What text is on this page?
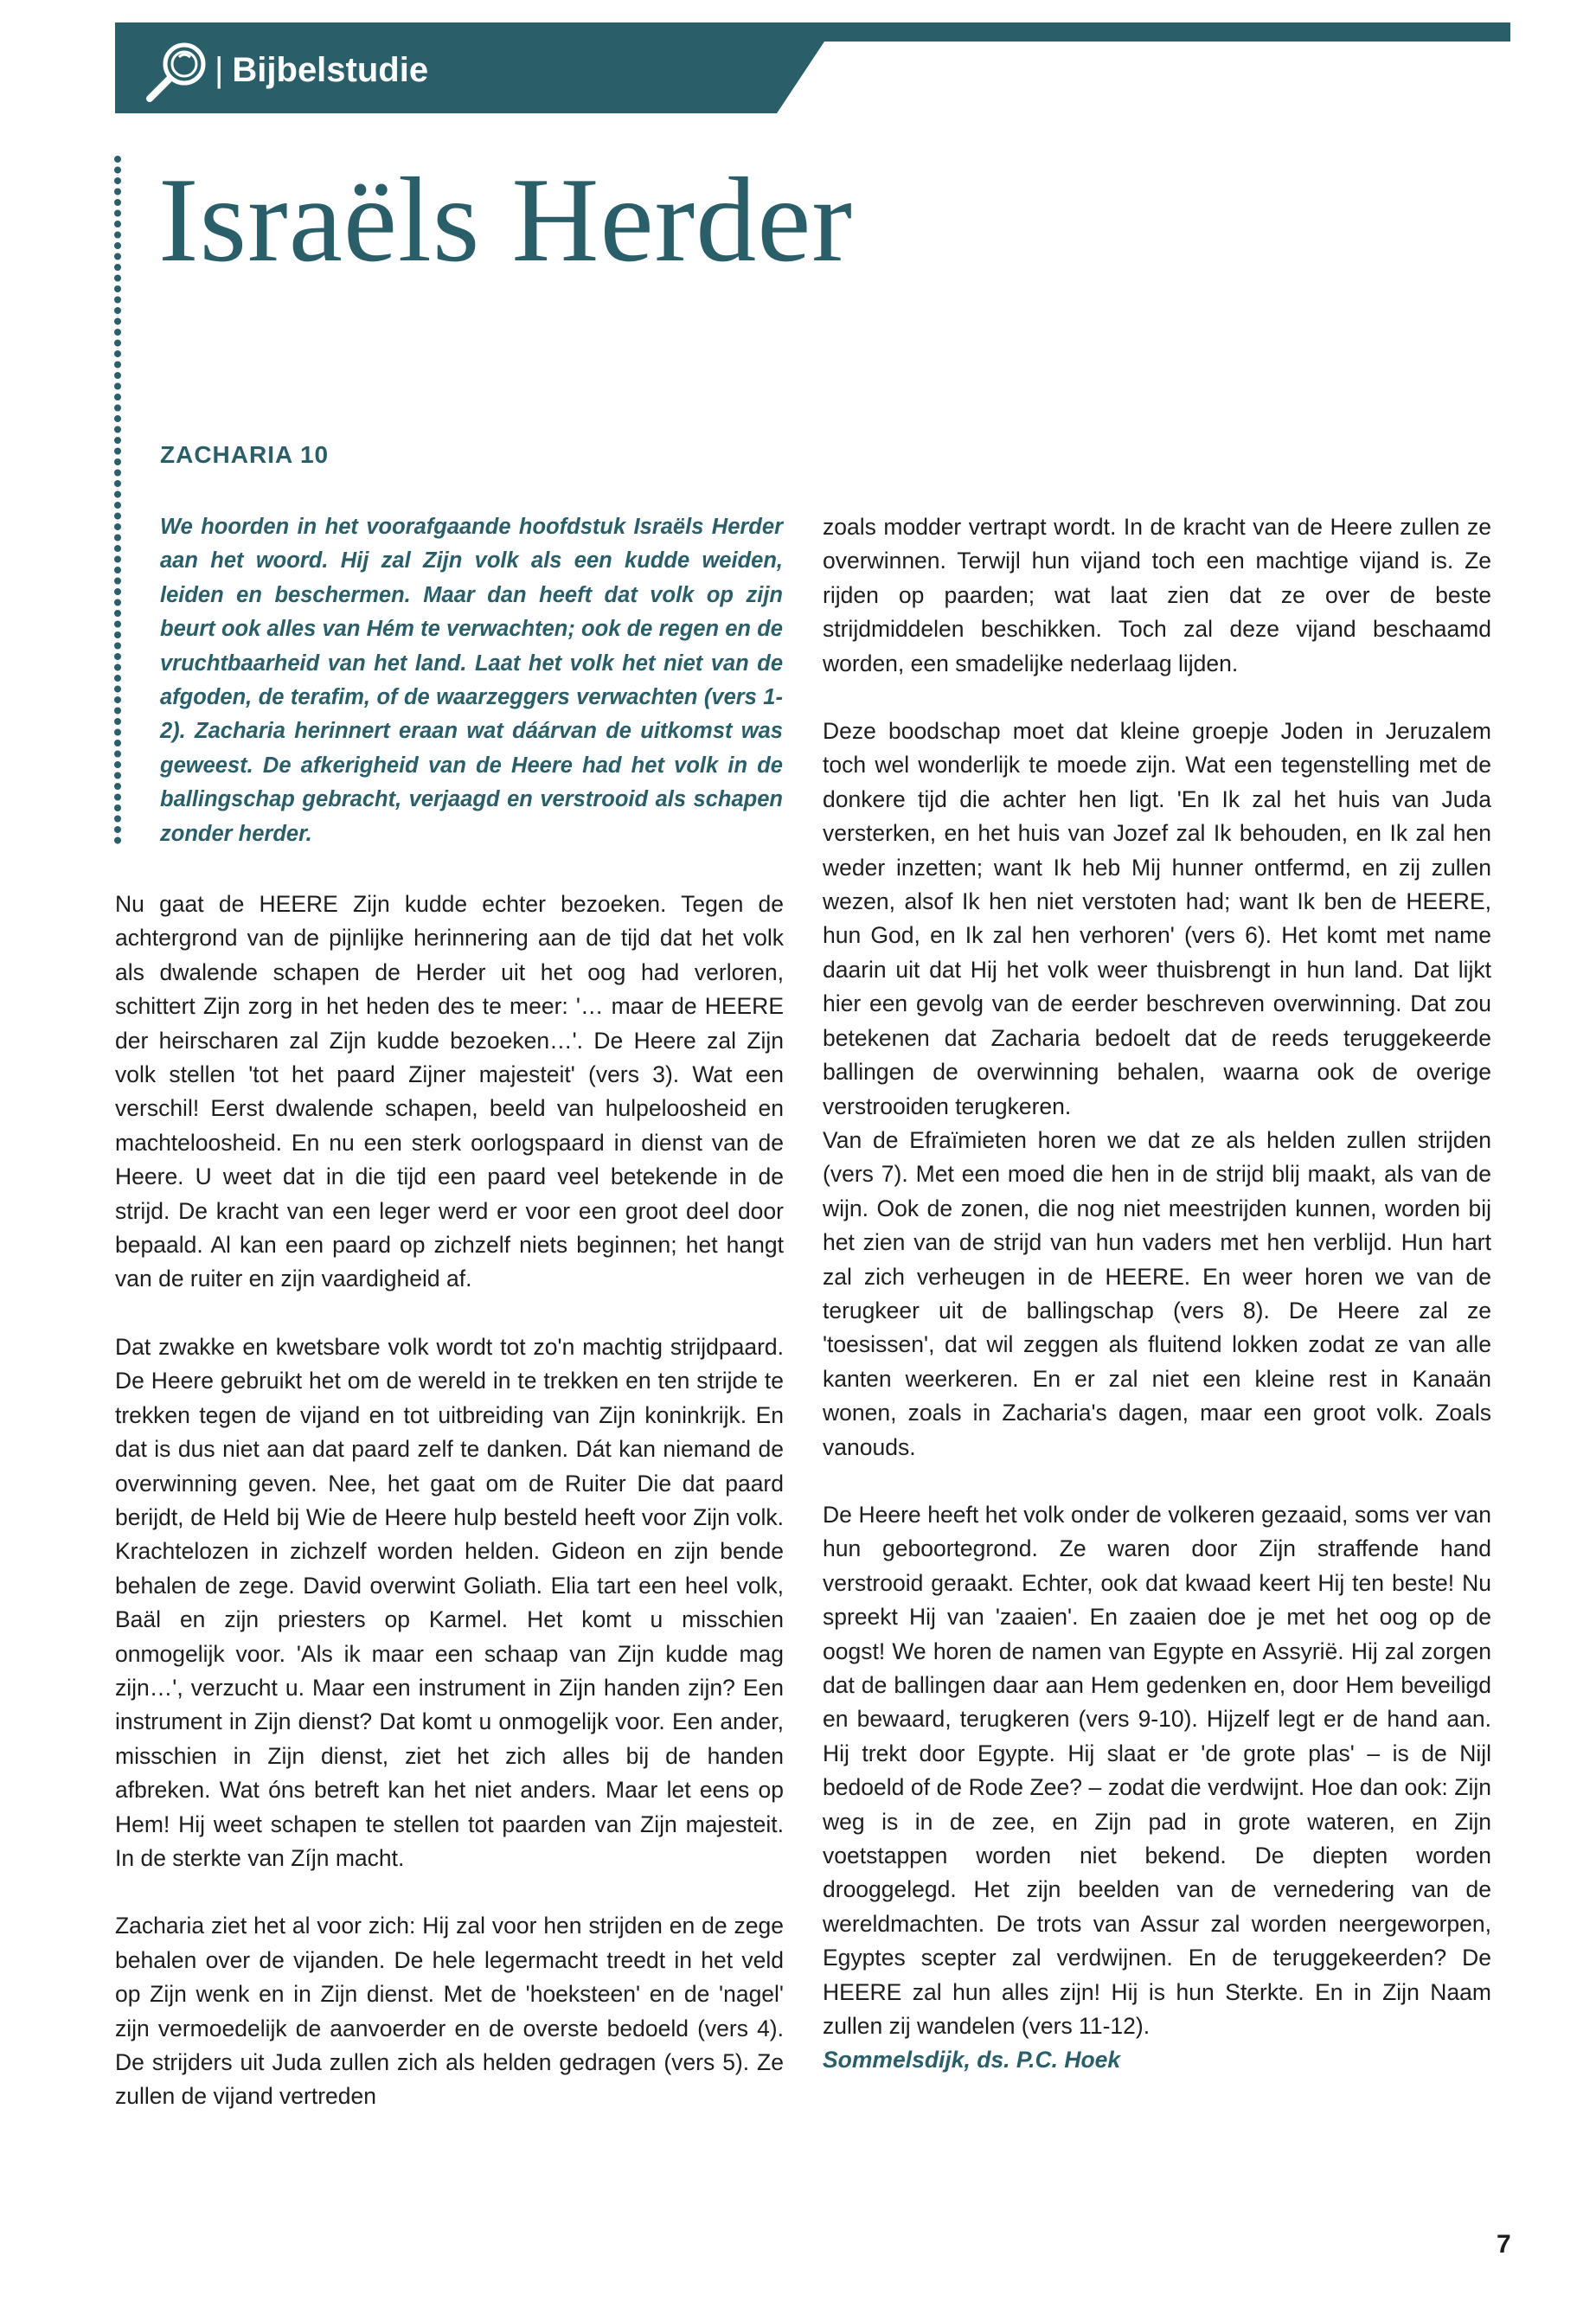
| Bijbelstudie
Israëls Herder
ZACHARIA 10

We hoorden in het voorafgaande hoofdstuk Israëls Herder aan het woord. Hij zal Zijn volk als een kudde weiden, leiden en beschermen. Maar dan heeft dat volk op zijn beurt ook alles van Hém te verwachten; ook de regen en de vruchtbaarheid van het land. Laat het volk het niet van de afgoden, de terafim, of de waarzeggers verwachten (vers 1-2). Zacharia herinnert eraan wat dáárvan de uitkomst was geweest. De afkerigheid van de Heere had het volk in de ballingschap gebracht, verjaagd en verstrooid als schapen zonder herder.

Nu gaat de HEERE Zijn kudde echter bezoeken. Tegen de achtergrond van de pijnlijke herinnering aan de tijd dat het volk als dwalende schapen de Herder uit het oog had verloren, schittert Zijn zorg in het heden des te meer: '… maar de HEERE der heirscharen zal Zijn kudde bezoeken…'. De Heere zal Zijn volk stellen 'tot het paard Zijner majesteit' (vers 3). Wat een verschil! Eerst dwalende schapen, beeld van hulpeloosheid en machteloosheid. En nu een sterk oorlogspaard in dienst van de Heere. U weet dat in die tijd een paard veel betekende in de strijd. De kracht van een leger werd er voor een groot deel door bepaald. Al kan een paard op zichzelf niets beginnen; het hangt van de ruiter en zijn vaardigheid af.

Dat zwakke en kwetsbare volk wordt tot zo'n machtig strijdpaard. De Heere gebruikt het om de wereld in te trekken en ten strijde te trekken tegen de vijand en tot uitbreiding van Zijn koninkrijk. En dat is dus niet aan dat paard zelf te danken. Dát kan niemand de overwinning geven. Nee, het gaat om de Ruiter Die dat paard berijdt, de Held bij Wie de Heere hulp besteld heeft voor Zijn volk. Krachtelozen in zichzelf worden helden. Gideon en zijn bende behalen de zege. David overwint Goliath. Elia tart een heel volk, Baäl en zijn priesters op Karmel. Het komt u misschien onmogelijk voor. 'Als ik maar een schaap van Zijn kudde mag zijn…', verzucht u. Maar een instrument in Zijn handen zijn? Een instrument in Zijn dienst? Dat komt u onmogelijk voor. Een ander, misschien in Zijn dienst, ziet het zich alles bij de handen afbreken. Wat óns betreft kan het niet anders. Maar let eens op Hem! Hij weet schapen te stellen tot paarden van Zijn majesteit. In de sterkte van Zíjn macht.

Zacharia ziet het al voor zich: Hij zal voor hen strijden en de zege behalen over de vijanden. De hele legermacht treedt in het veld op Zijn wenk en in Zijn dienst. Met de 'hoeksteen' en de 'nagel' zijn vermoedelijk de aanvoerder en de overste bedoeld (vers 4). De strijders uit Juda zullen zich als helden gedragen (vers 5). Ze zullen de vijand vertreden

zoals modder vertrapt wordt. In de kracht van de Heere zullen ze overwinnen. Terwijl hun vijand toch een machtige vijand is. Ze rijden op paarden; wat laat zien dat ze over de beste strijdmiddelen beschikken. Toch zal deze vijand beschaamd worden, een smadelijke nederlaag lijden.

Deze boodschap moet dat kleine groepje Joden in Jeruzalem toch wel wonderlijk te moede zijn. Wat een tegenstelling met de donkere tijd die achter hen ligt. 'En Ik zal het huis van Juda versterken, en het huis van Jozef zal Ik behouden, en Ik zal hen weder inzetten; want Ik heb Mij hunner ontfermd, en zij zullen wezen, alsof Ik hen niet verstoten had; want Ik ben de HEERE, hun God, en Ik zal hen verhoren' (vers 6). Het komt met name daarin uit dat Hij het volk weer thuisbrengt in hun land. Dat lijkt hier een gevolg van de eerder beschreven overwinning. Dat zou betekenen dat Zacharia bedoelt dat de reeds teruggekeerde ballingen de overwinning behalen, waarna ook de overige verstrooiden terugkeren.

Van de Efraïmieten horen we dat ze als helden zullen strijden (vers 7). Met een moed die hen in de strijd blij maakt, als van de wijn. Ook de zonen, die nog niet meestrijden kunnen, worden bij het zien van de strijd van hun vaders met hen verblijd. Hun hart zal zich verheugen in de HEERE. En weer horen we van de terugkeer uit de ballingschap (vers 8). De Heere zal ze 'toesissen', dat wil zeggen als fluitend lokken zodat ze van alle kanten weerkeren. En er zal niet een kleine rest in Kanaän wonen, zoals in Zacharia's dagen, maar een groot volk. Zoals vanouds.

De Heere heeft het volk onder de volkeren gezaaid, soms ver van hun geboortegrond. Ze waren door Zijn straffende hand verstrooid geraakt. Echter, ook dat kwaad keert Hij ten beste! Nu spreekt Hij van 'zaaien'. En zaaien doe je met het oog op de oogst! We horen de namen van Egypte en Assyrië. Hij zal zorgen dat de ballingen daar aan Hem gedenken en, door Hem beveiligd en bewaard, terugkeren (vers 9-10). Hijzelf legt er de hand aan. Hij trekt door Egypte. Hij slaat er 'de grote plas' – is de Nijl bedoeld of de Rode Zee? – zodat die verdwijnt. Hoe dan ook: Zijn weg is in de zee, en Zijn pad in grote wateren, en Zijn voetstappen worden niet bekend. De diepten worden drooggelegd. Het zijn beelden van de vernedering van de wereldmachten. De trots van Assur zal worden neergeworpen, Egyptes scepter zal verdwijnen. En de teruggekeerden? De HEERE zal hun alles zijn! Hij is hun Sterkte. En in Zijn Naam zullen zij wandelen (vers 11-12).

Sommelsdijk, ds. P.C. Hoek

7
